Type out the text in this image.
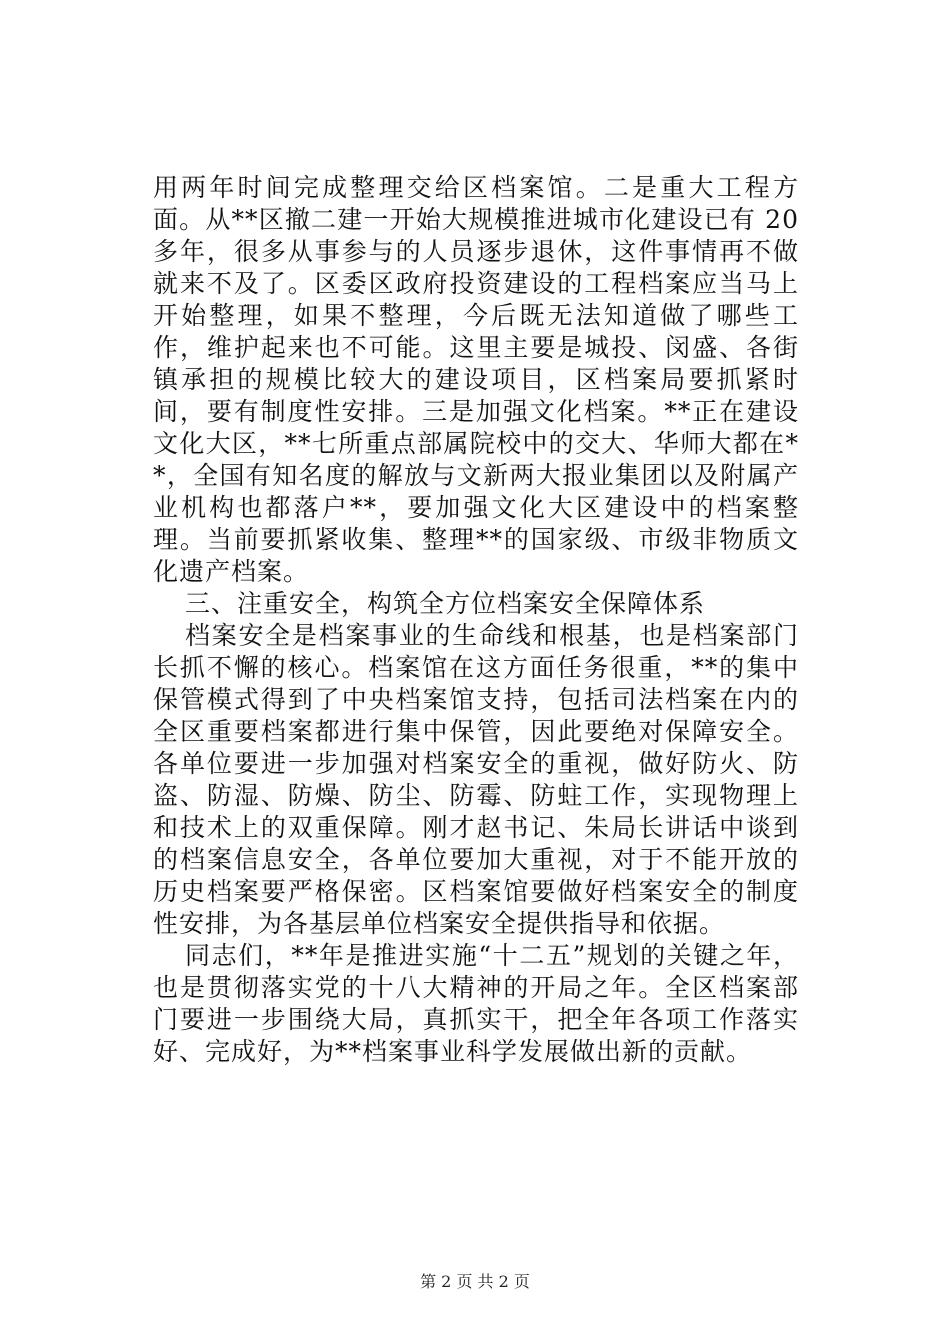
用两年时间完成整理交给区档案馆。二是重大工程方面。从**区撤二建一开始大规模推进城市化建设已有 20 多年，很多从事参与的人员逐步退休，这件事情再不做就来不及了。区委区政府投资建设的工程档案应当马上开始整理，如果不整理，今后既无法知道做了哪些工作，维护起来也不可能。这里主要是城投、闵盛、各街镇承担的规模比较大的建设项目，区档案局要抓紧时间，要有制度性安排。三是加强文化档案。**正在建设文化大区，**七所重点部属院校中的交大、华师大都在**，全国有知名度的解放与文新两大报业集团以及附属产业机构也都落户**，要加强文化大区建设中的档案整理。当前要抓紧收集、整理**的国家级、市级非物质文化遗产档案。

三、注重安全，构筑全方位档案安全保障体系

档案安全是档案事业的生命线和根基，也是档案部门长抓不懈的核心。档案馆在这方面任务很重，**的集中保管模式得到了中央档案馆支持，包括司法档案在内的全区重要档案都进行集中保管，因此要绝对保障安全。各单位要进一步加强对档案安全的重视，做好防火、防盗、防湿、防燥、防尘、防霉、防蛀工作，实现物理上和技术上的双重保障。刚才赵书记、朱局长讲话中谈到的档案信息安全，各单位要加大重视，对于不能开放的历史档案要严格保密。区档案馆要做好档案安全的制度性安排，为各基层单位档案安全提供指导和依据。

同志们，**年是推进实施“十二五”规划的关键之年，也是贯彻落实党的十八大精神的开局之年。全区档案部门要进一步围绕大局，真抓实干，把全年各项工作落实好、完成好，为**档案事业科学发展做出新的贡献。

第 2 页 共 2 页
